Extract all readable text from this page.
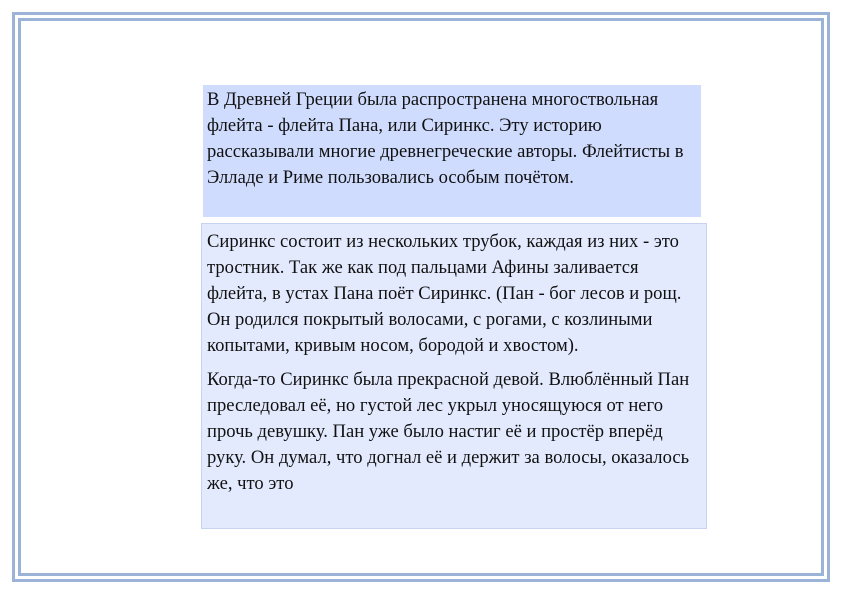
В Древней Греции была распространена многоствольная флейта - флейта Пана, или Сиринкс. Эту историю рассказывали многие древнегреческие авторы. Флейтисты в Элладе и Риме пользовались особым почётом.

Сиринкс состоит из нескольких трубок, каждая из них - это тростник. Так же как под пальцами Афины заливается флейта, в устах Пана поёт Сиринкс. (Пан - бог лесов и рощ. Он родился покрытый волосами, с рогами, с козлиными копытами, кривым носом, бородой и хвостом).

Когда-то Сиринкс была прекрасной девой. Влюблённый Пан преследовал её, но густой лес укрыл уносящуюся от него прочь девушку. Пан уже было настиг её и простёр вперёд руку. Он думал, что догнал её и держит за волосы, оказалось же, что это
